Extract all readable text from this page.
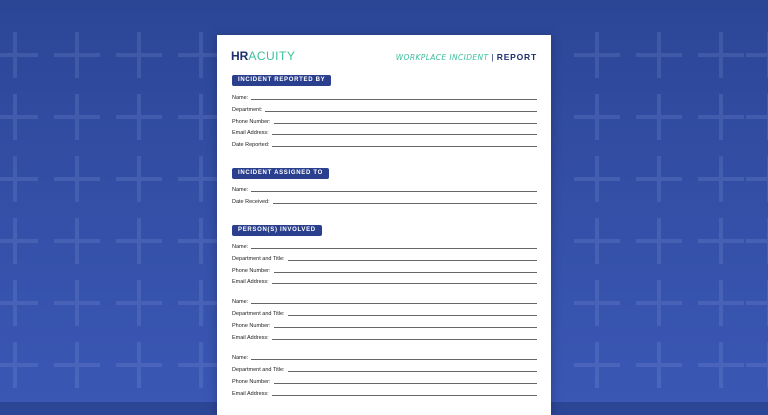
HRACUITY	WORKPLACE INCIDENT | REPORT
INCIDENT REPORTED BY
Name:
Department:
Phone Number:
Email Address:
Date Reported:
INCIDENT ASSIGNED TO
Name:
Date Received:
PERSON(S) INVOLVED
Name:
Department and Title:
Phone Number:
Email Address:
Name:
Department and Title:
Phone Number:
Email Address:
Name:
Department and Title:
Phone Number:
Email Address:
